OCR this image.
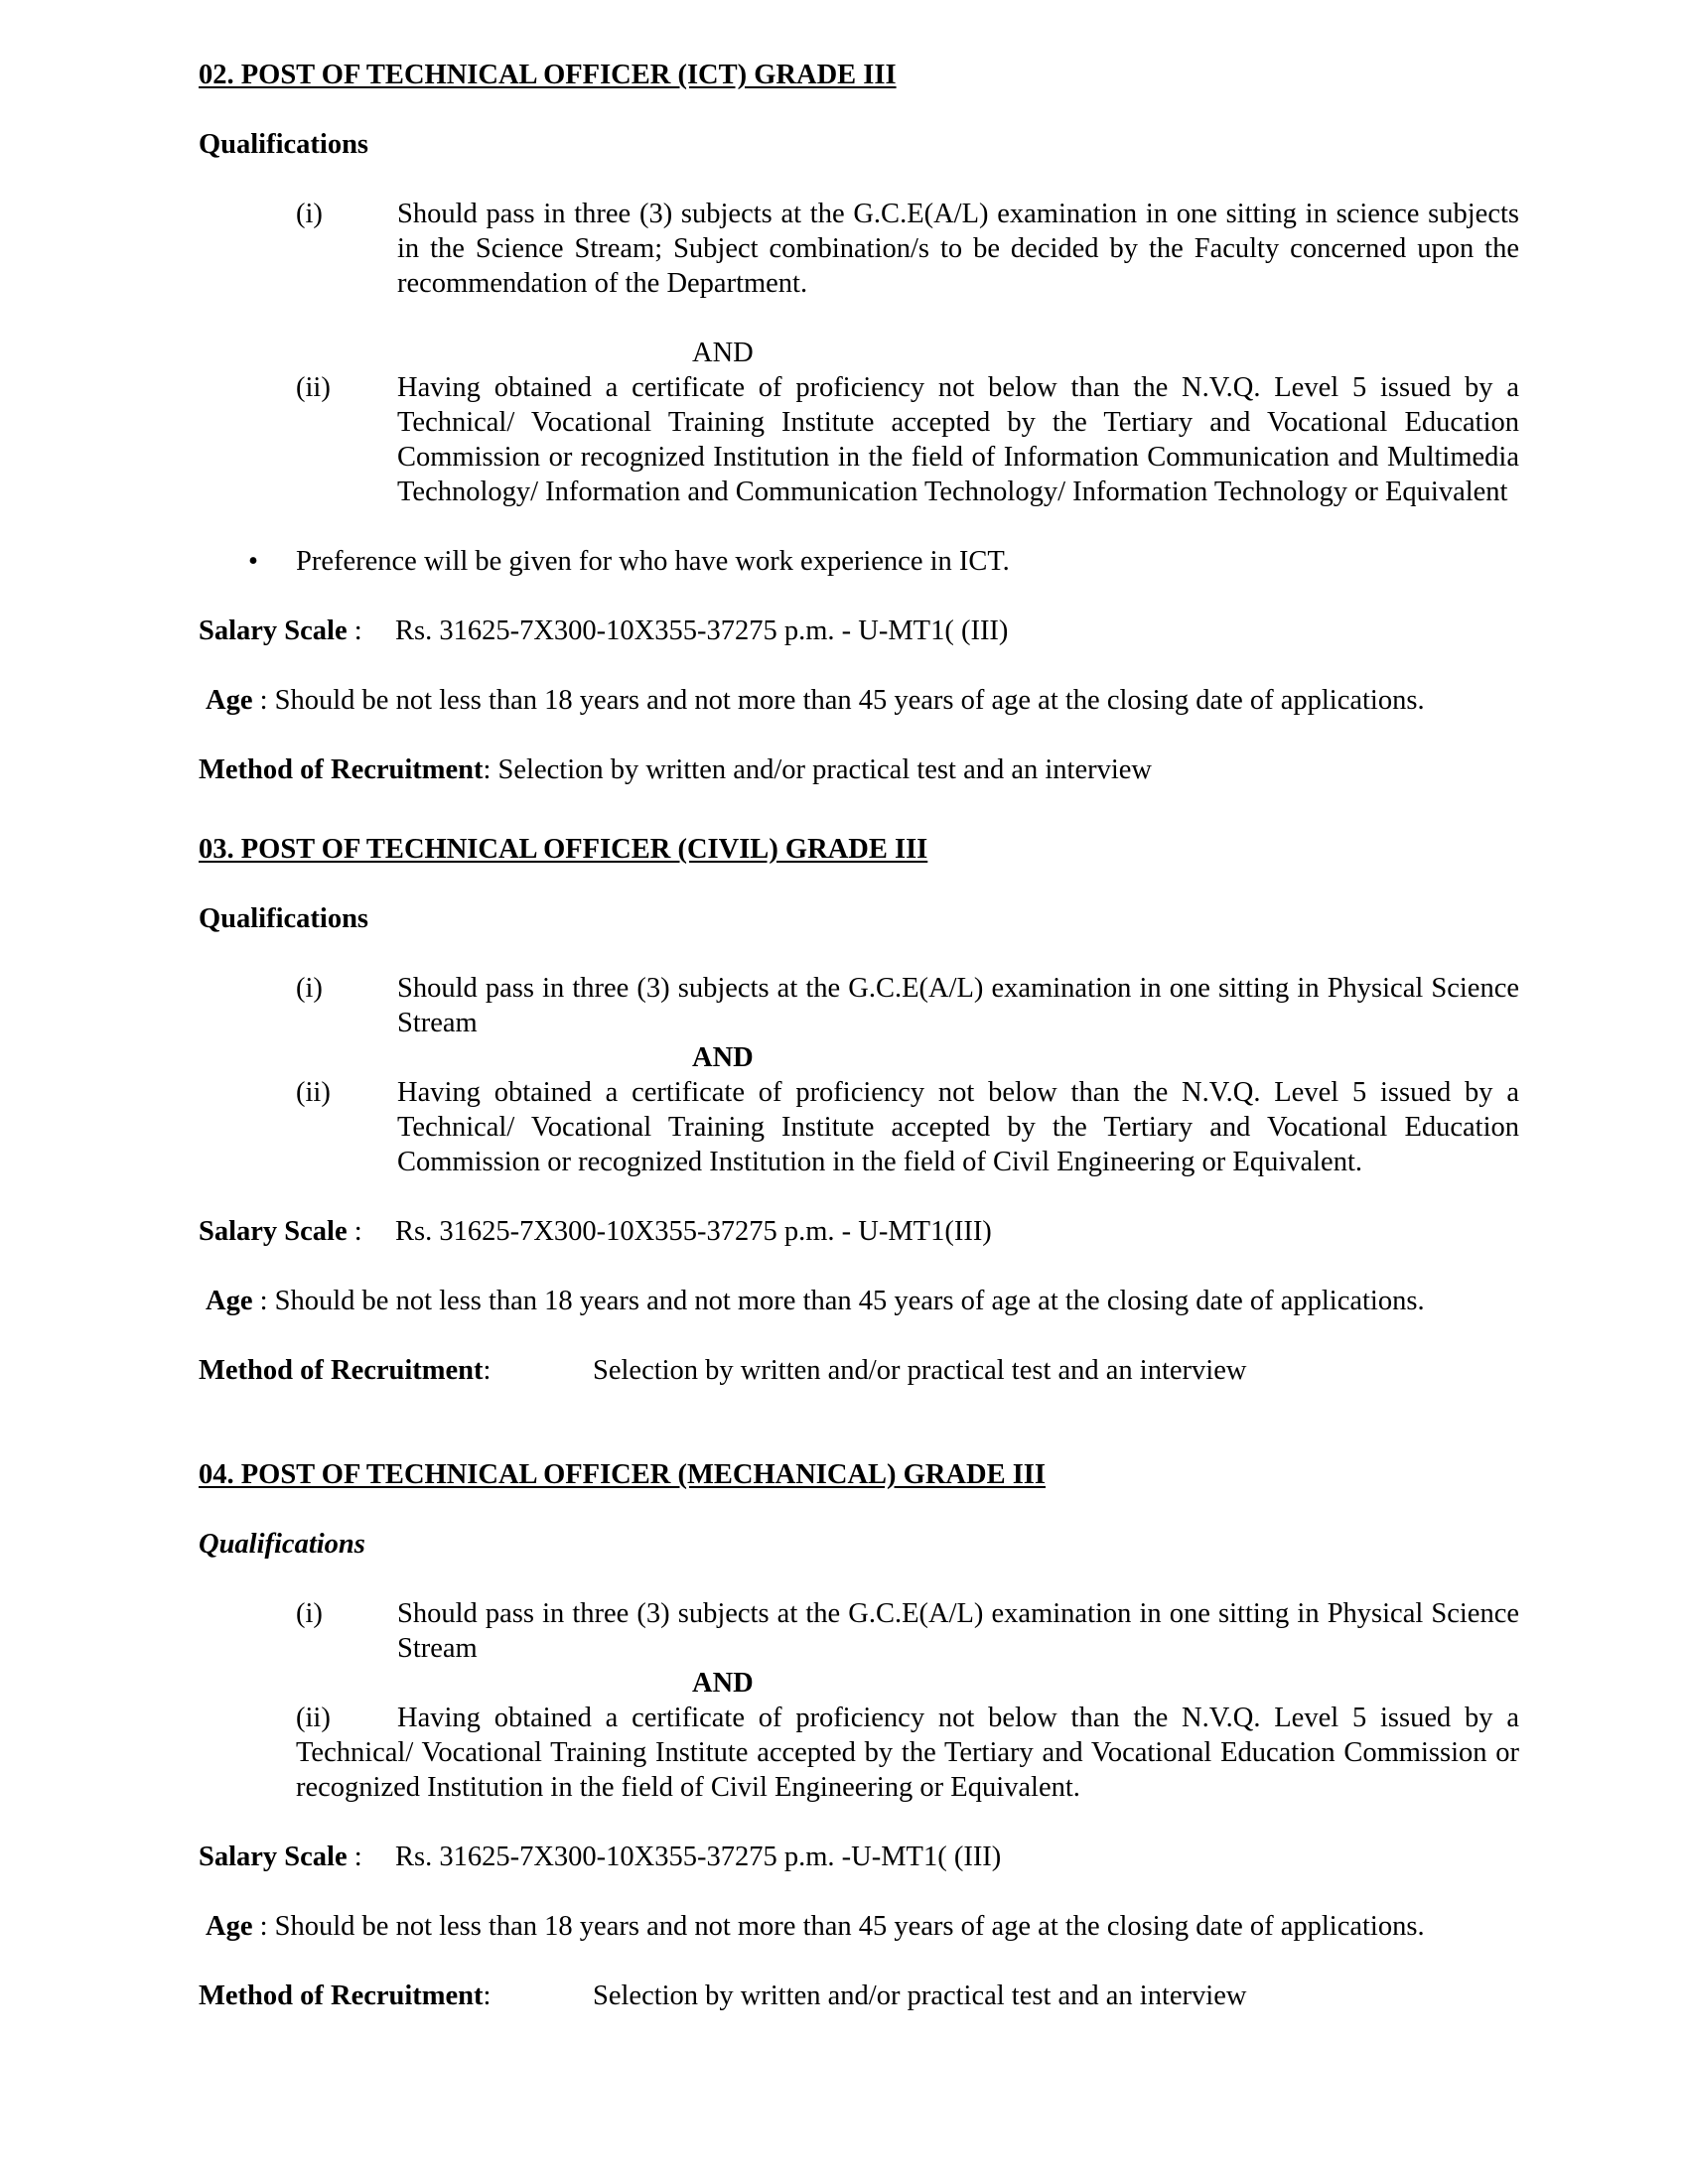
02. POST OF TECHNICAL OFFICER (ICT) GRADE III
Qualifications
(i)	Should pass in three (3) subjects at the G.C.E(A/L) examination in one sitting in science subjects in the Science Stream; Subject combination/s to be decided by the Faculty concerned upon the recommendation of the Department.
AND
(ii) Having obtained a certificate of proficiency not below than the N.V.Q. Level 5 issued by a Technical/ Vocational Training Institute accepted by the Tertiary and Vocational Education Commission or recognized Institution in the field of Information Communication and Multimedia Technology/ Information and Communication Technology/ Information Technology or Equivalent
• Preference will be given for who have work experience in ICT.
Salary Scale : Rs. 31625-7X300-10X355-37275 p.m. - U-MT1( (III)
Age : Should be not less than 18 years and not more than 45 years of age at the closing date of applications.
Method of Recruitment: Selection by written and/or practical test and an interview
03. POST OF TECHNICAL OFFICER (CIVIL) GRADE III
Qualifications
(i)	Should pass in three (3) subjects at the G.C.E(A/L) examination in one sitting in Physical Science Stream
AND
(ii) Having obtained a certificate of proficiency not below than the N.V.Q. Level 5 issued by a Technical/ Vocational Training Institute accepted by the Tertiary and Vocational Education Commission or recognized Institution in the field of Civil Engineering or Equivalent.
Salary Scale : Rs. 31625-7X300-10X355-37275 p.m. - U-MT1(III)
Age : Should be not less than 18 years and not more than 45 years of age at the closing date of applications.
Method of Recruitment:	Selection by written and/or practical test and an interview
04. POST OF TECHNICAL OFFICER (MECHANICAL) GRADE III
Qualifications
(i)	Should pass in three (3) subjects at the G.C.E(A/L) examination in one sitting in Physical Science Stream
AND
(ii) Having obtained a certificate of proficiency not below than the N.V.Q. Level 5 issued by a Technical/ Vocational Training Institute accepted by the Tertiary and Vocational Education Commission or recognized Institution in the field of Civil Engineering or Equivalent.
Salary Scale : Rs. 31625-7X300-10X355-37275 p.m. -U-MT1( (III)
Age : Should be not less than 18 years and not more than 45 years of age at the closing date of applications.
Method of Recruitment:	Selection by written and/or practical test and an interview
